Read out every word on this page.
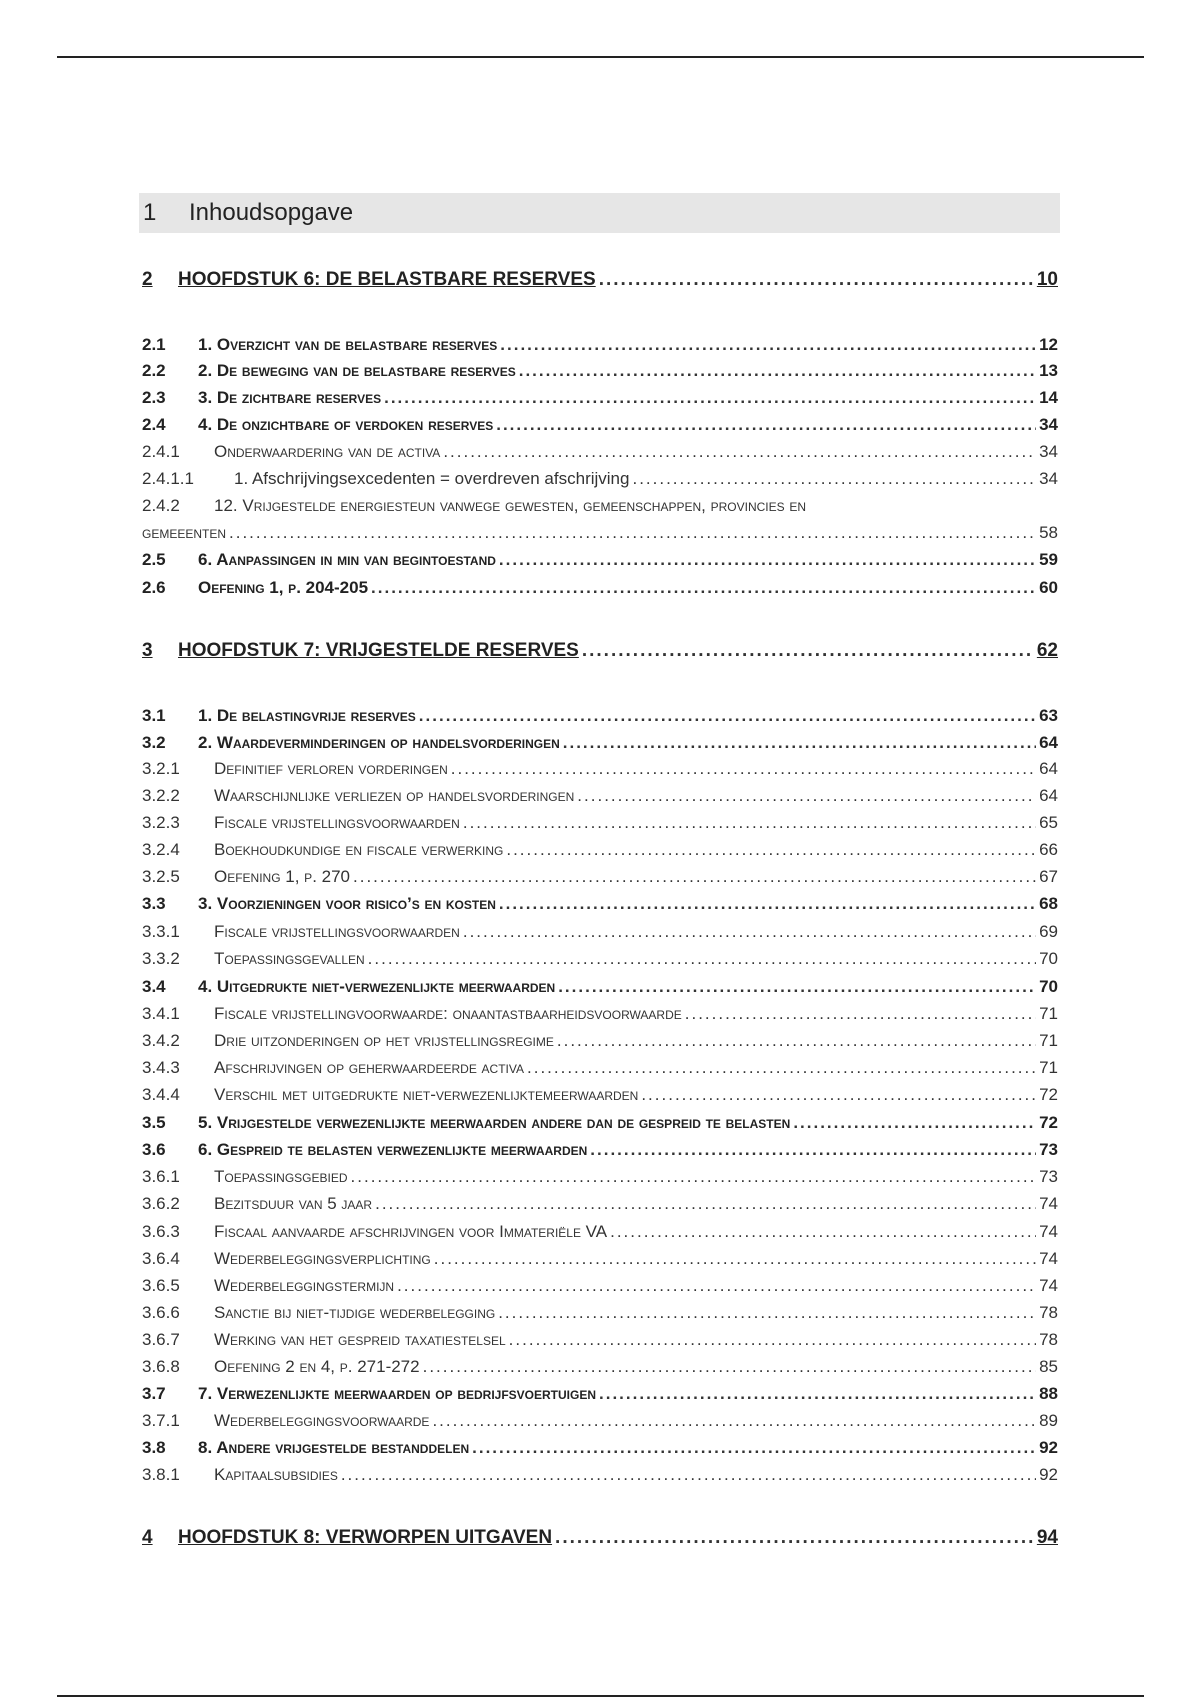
1	Inhoudsopgave
2	HOOFDSTUK 6: DE BELASTBARE RESERVES .....	10
2.1	1. Overzicht van de belastbare reserves .....	12
2.2	2. De beweging van de belastbare reserves .....	13
2.3	3. De zichtbare reserves .....	14
2.4	4. De onzichtbare of verdoken reserves .....	34
2.4.1	Onderwaardering van de activa .....	34
2.4.1.1	1. Afschrijvingsexcedenten = overdreven afschrijving .....	34
2.4.2	12. Vrijgestelde energiesteun vanwege gewesten, gemeenschappen, provincies en
gemeeenten .....	58
2.5	6. Aanpassingen in min van begintoestand .....	59
2.6	Oefening 1, p. 204-205 .....	60
3	HOOFDSTUK 7: VRIJGESTELDE RESERVES .....	62
3.1	1. De belastingvrije reserves .....	63
3.2	2. Waardeverminderingen op handelsvorderingen .....	64
3.2.1	Definitief verloren vorderingen .....	64
3.2.2	Waarschijnlijke verliezen op handelsvorderingen .....	64
3.2.3	Fiscale vrijstellingsvoorwaarden .....	65
3.2.4	Boekhoudkundige en fiscale verwerking .....	66
3.2.5	Oefening 1, p. 270 .....	67
3.3	3. Voorzieningen voor risico’s en kosten .....	68
3.3.1	Fiscale vrijstellingsvoorwaarden .....	69
3.3.2	Toepassingsgevallen .....	70
3.4	4. Uitgedrukte niet-verwezenlijkte meerwaarden .....	70
3.4.1	Fiscale vrijstellingvoorwaarde: onaantastbaarheidsvoorwaarde .....	71
3.4.2	Drie uitzonderingen op het vrijstellingsregime .....	71
3.4.3	Afschrijvingen op geherwaardeerde activa .....	71
3.4.4	Verschil met uitgedrukte niet-verwezenlijktemeerwaarden .....	72
3.5	5. Vrijgestelde verwezenlijkte meerwaarden andere dan de gespreid te belasten .....	72
3.6	6. Gespreid te belasten verwezenlijkte meerwaarden .....	73
3.6.1	Toepassingsgebied .....	73
3.6.2	Bezitsduur van 5 jaar .....	74
3.6.3	Fiscaal aanvaarde afschrijvingen voor Immateriële VA .....	74
3.6.4	Wederbeleggingsverplichting .....	74
3.6.5	Wederbeleggingstermijn .....	74
3.6.6	Sanctie bij niet-tijdige wederbelegging .....	78
3.6.7	Werking van het gespreid taxatiestelsel .....	78
3.6.8	Oefening 2 en 4, p. 271-272 .....	85
3.7	7. Verwezenlijkte meerwaarden op bedrijfsvoertuigen .....	88
3.7.1	Wederbeleggingsvoorwaarde .....	89
3.8	8. Andere vrijgestelde bestanddelen .....	92
3.8.1	Kapitaalsubsidies .....	92
4	HOOFDSTUK 8: VERWORPEN UITGAVEN .....	94
